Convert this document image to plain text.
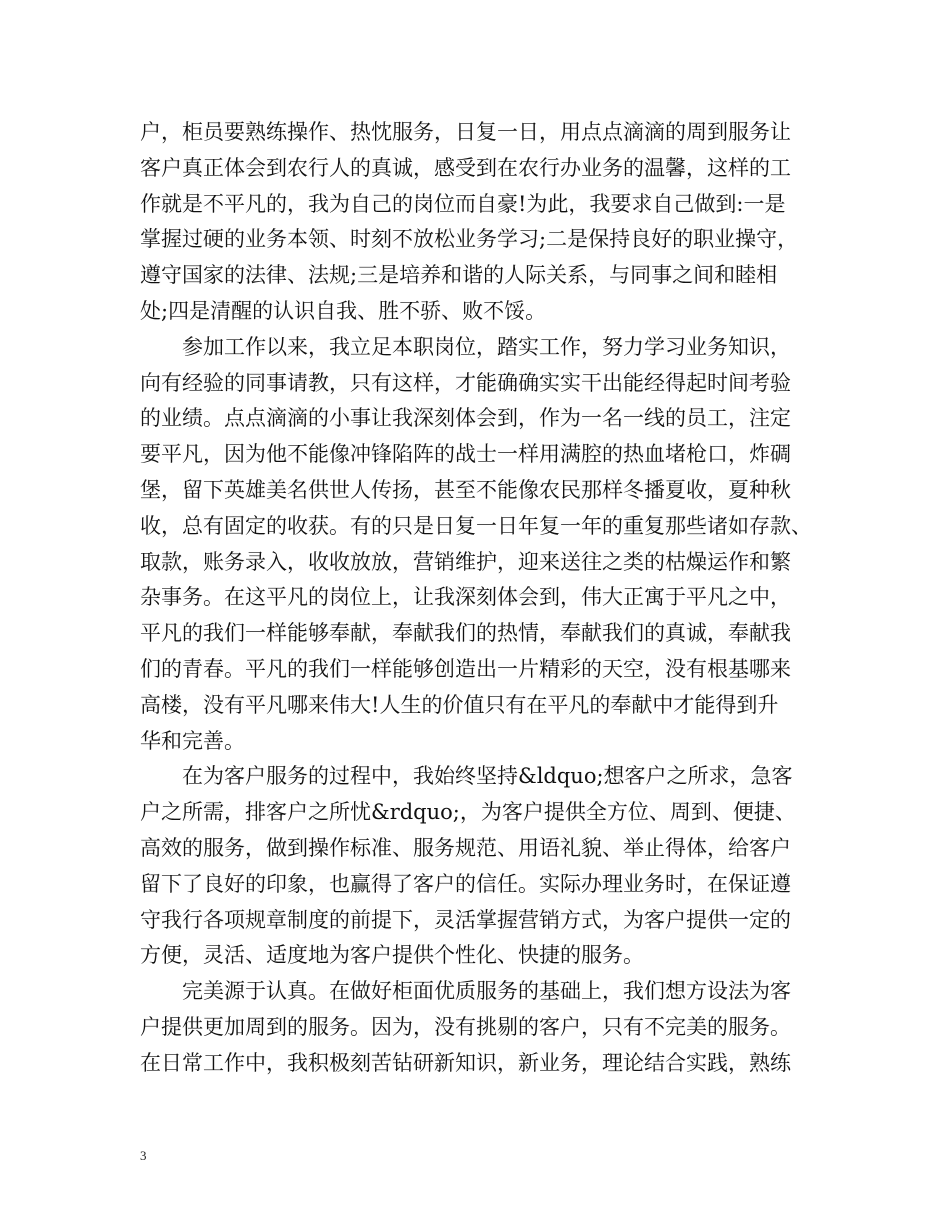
户，柜员要熟练操作、热忱服务，日复一日，用点点滴滴的周到服务让
客户真正体会到农行人的真诚，感受到在农行办业务的温馨，这样的工
作就是不平凡的，我为自己的岗位而自豪!为此，我要求自己做到:一是
掌握过硬的业务本领、时刻不放松业务学习;二是保持良好的职业操守，
遵守国家的法律、法规;三是培养和谐的人际关系，与同事之间和睦相
处;四是清醒的认识自我、胜不骄、败不馁。
参加工作以来，我立足本职岗位，踏实工作，努力学习业务知识，
向有经验的同事请教，只有这样，才能确确实实干出能经得起时间考验
的业绩。点点滴滴的小事让我深刻体会到，作为一名一线的员工，注定
要平凡，因为他不能像冲锋陷阵的战士一样用满腔的热血堵枪口，炸碉
堡，留下英雄美名供世人传扬，甚至不能像农民那样冬播夏收，夏种秋
收，总有固定的收获。有的只是日复一日年复一年的重复那些诸如存款、
取款，账务录入，收收放放，营销维护，迎来送往之类的枯燥运作和繁
杂事务。在这平凡的岗位上，让我深刻体会到，伟大正寓于平凡之中，
平凡的我们一样能够奉献，奉献我们的热情，奉献我们的真诚，奉献我
们的青春。平凡的我们一样能够创造出一片精彩的天空，没有根基哪来
高楼，没有平凡哪来伟大!人生的价值只有在平凡的奉献中才能得到升
华和完善。
在为客户服务的过程中，我始终坚持&ldquo;想客户之所求，急客
户之所需，排客户之所忧&rdquo;，为客户提供全方位、周到、便捷、
高效的服务，做到操作标准、服务规范、用语礼貌、举止得体，给客户
留下了良好的印象，也赢得了客户的信任。实际办理业务时，在保证遵
守我行各项规章制度的前提下，灵活掌握营销方式，为客户提供一定的
方便，灵活、适度地为客户提供个性化、快捷的服务。
完美源于认真。在做好柜面优质服务的基础上，我们想方设法为客
户提供更加周到的服务。因为，没有挑剔的客户，只有不完美的服务。
在日常工作中，我积极刻苦钻研新知识，新业务，理论结合实践，熟练
3
